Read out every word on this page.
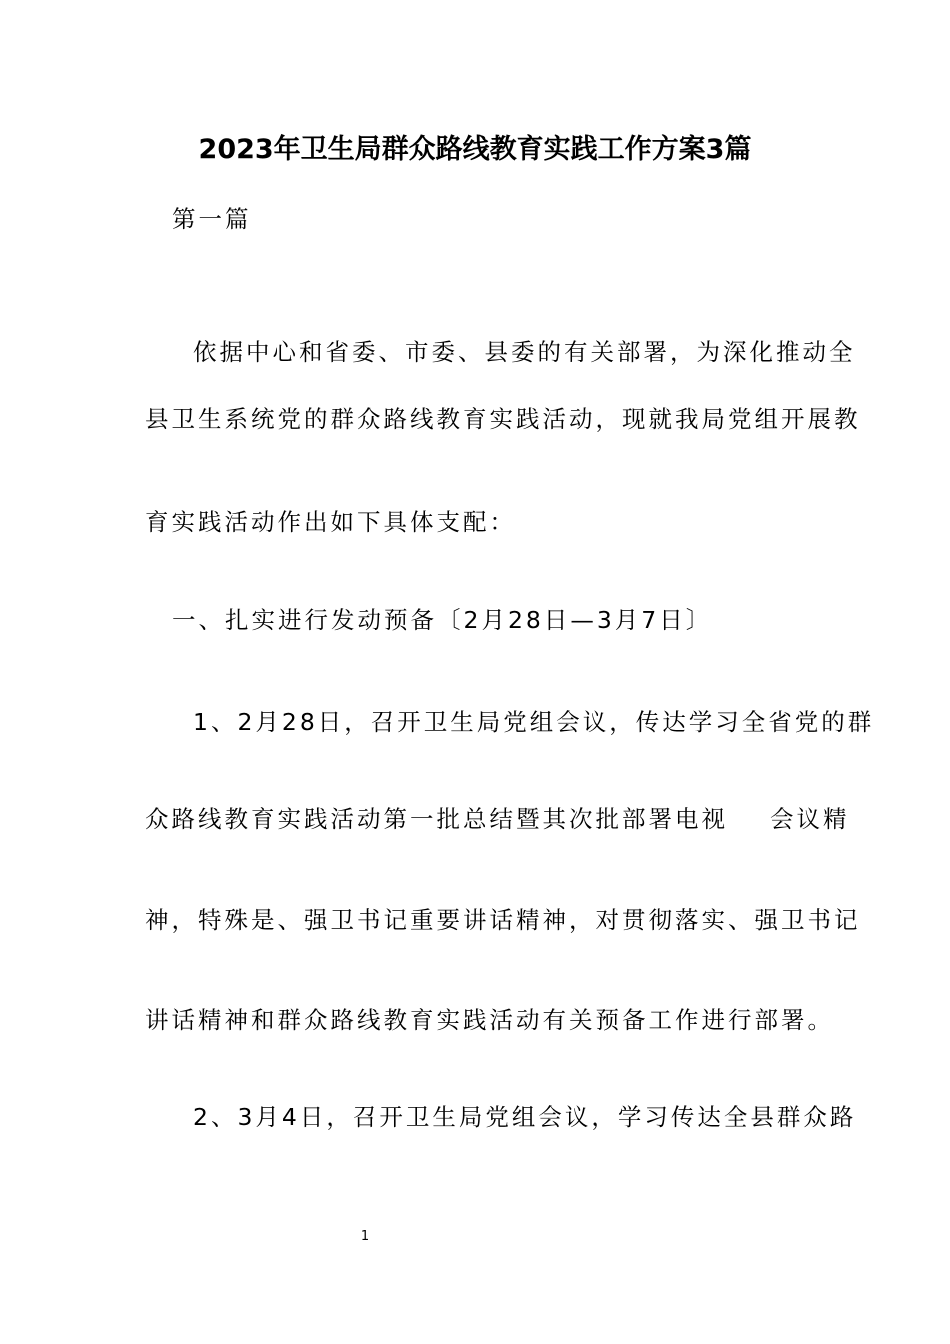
2023年卫生局群众路线教育实践工作方案3篇
第一篇
依据中心和省委、市委、县委的有关部署，为深化推动全
县卫生系统党的群众路线教育实践活动，现就我局党组开展教
育实践活动作出如下具体支配：
一、扎实进行发动预备〔2月28日—3月7日〕
1、2月28日，召开卫生局党组会议，传达学习全省党的群
众路线教育实践活动第一批总结暨其次批部署电视 会议精
神，特殊是、强卫书记重要讲话精神，对贯彻落实、强卫书记
讲话精神和群众路线教育实践活动有关预备工作进行部署。
2、3月4日，召开卫生局党组会议，学习传达全县群众路
1
